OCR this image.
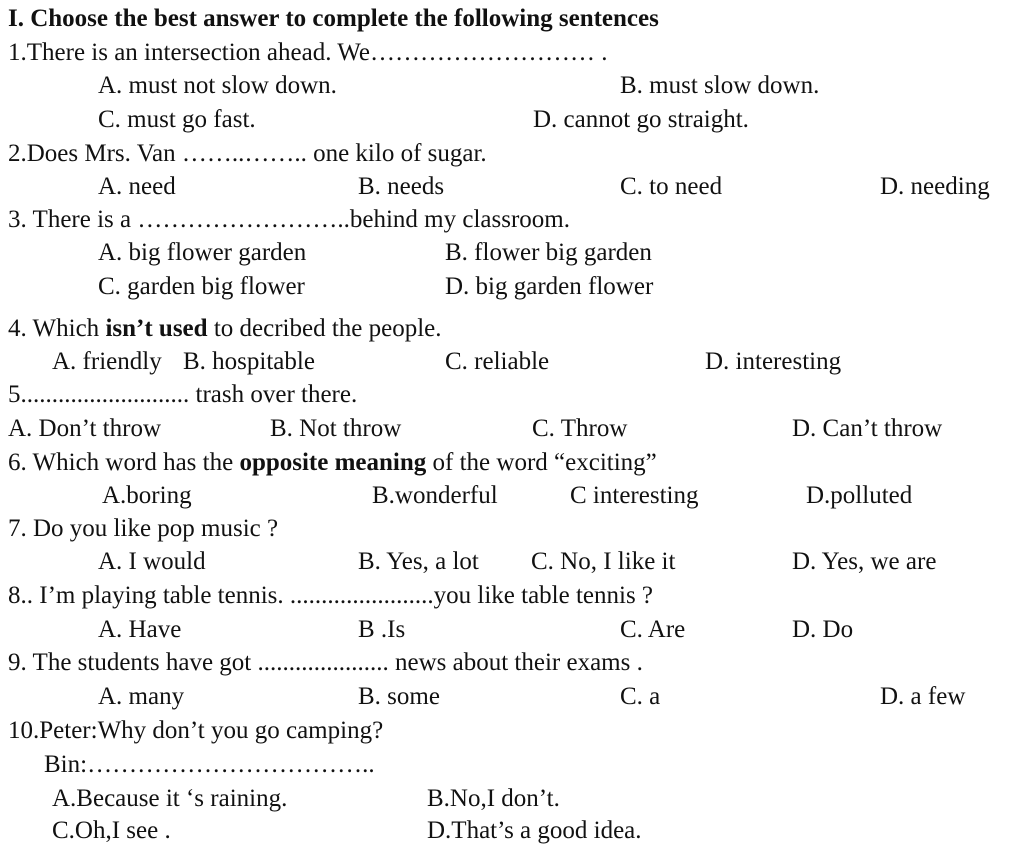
I. Choose the best answer to complete the following sentences
1.There is an intersection ahead. We……………………… .
A. must not slow down.	B. must slow down.
C. must go fast.	D. cannot go straight.
2.Does Mrs. Van ……..…….. one kilo of sugar.
A. need	B. needs	C. to need	D. needing
3. There is a ……………………..behind my classroom.
A. big flower garden	B. flower big garden
C. garden big flower	D. big garden flower
4. Which isn’t used to decribed the people.
A. friendly B. hospitable	C. reliable	D. interesting
5........................... trash over there.
A. Don’t throw	B. Not throw	C. Throw	D. Can’t throw
6. Which word has the opposite meaning of the word “exciting”
A.boring	B.wonderful	C interesting	D.polluted
7. Do you like pop music ?
A. I would	B. Yes, a lot C. No, I like it	D. Yes, we are
8.. I’m playing table tennis. .......................you like table tennis ?
A. Have	B .Is	C. Are	D. Do
9. The students have got ..................... news about their exams .
A. many	B. some	C. a	D. a few
10.Peter:Why don’t you go camping?
Bin:……………………………..
A.Because it ‘s raining.	B.No,I don’t.
C.Oh,I see .	D.That’s a good idea.
